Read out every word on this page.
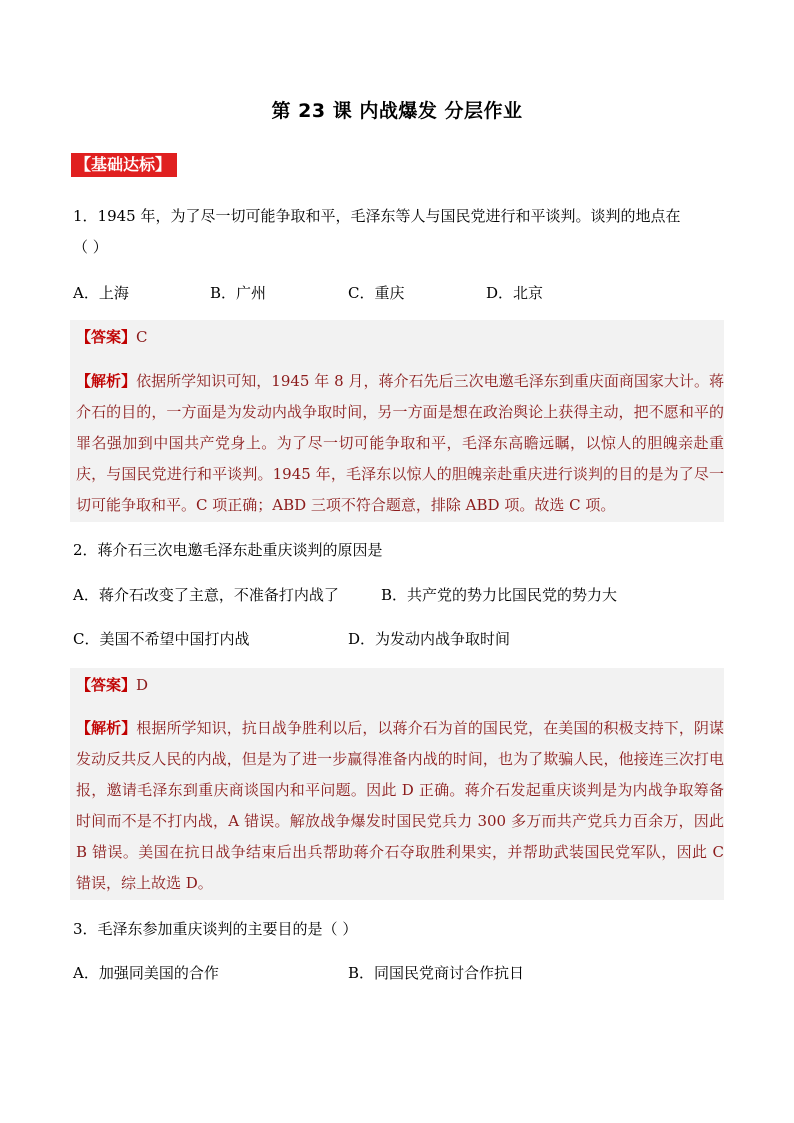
第 23 课 内战爆发 分层作业
【基础达标】
1．1945 年，为了尽一切可能争取和平，毛泽东等人与国民党进行和平谈判。谈判的地点在
（ ）
A．上海	B．广州	C．重庆	D．北京
【答案】C
【解析】依据所学知识可知，1945 年 8 月，蒋介石先后三次电邀毛泽东到重庆面商国家大计。蒋介石的目的，一方面是为发动内战争取时间，另一方面是想在政治舆论上获得主动，把不愿和平的罪名强加到中国共产党身上。为了尽一切可能争取和平，毛泽东高瞻远瞩，以惊人的胆魄亲赴重庆，与国民党进行和平谈判。1945 年，毛泽东以惊人的胆魄亲赴重庆进行谈判的目的是为了尽一切可能争取和平。C 项正确；ABD 三项不符合题意，排除 ABD 项。故选 C 项。
2．蒋介石三次电邀毛泽东赴重庆谈判的原因是
A．蒋介石改变了主意，不准备打内战了	B．共产党的势力比国民党的势力大
C．美国不希望中国打内战	D．为发动内战争取时间
【答案】D
【解析】根据所学知识，抗日战争胜利以后，以蒋介石为首的国民党，在美国的积极支持下，阴谋发动反共反人民的内战，但是为了进一步赢得准备内战的时间，也为了欺骗人民，他接连三次打电报，邀请毛泽东到重庆商谈国内和平问题。因此 D 正确。蒋介石发起重庆谈判是为内战争取筹备时间而不是不打内战，A 错误。解放战争爆发时国民党兵力 300 多万而共产党兵力百余万，因此 B 错误。美国在抗日战争结束后出兵帮助蒋介石夺取胜利果实，并帮助武装国民党军队，因此 C 错误，综上故选 D。
3．毛泽东参加重庆谈判的主要目的是（ ）
A．加强同美国的合作	B．同国民党商讨合作抗日
